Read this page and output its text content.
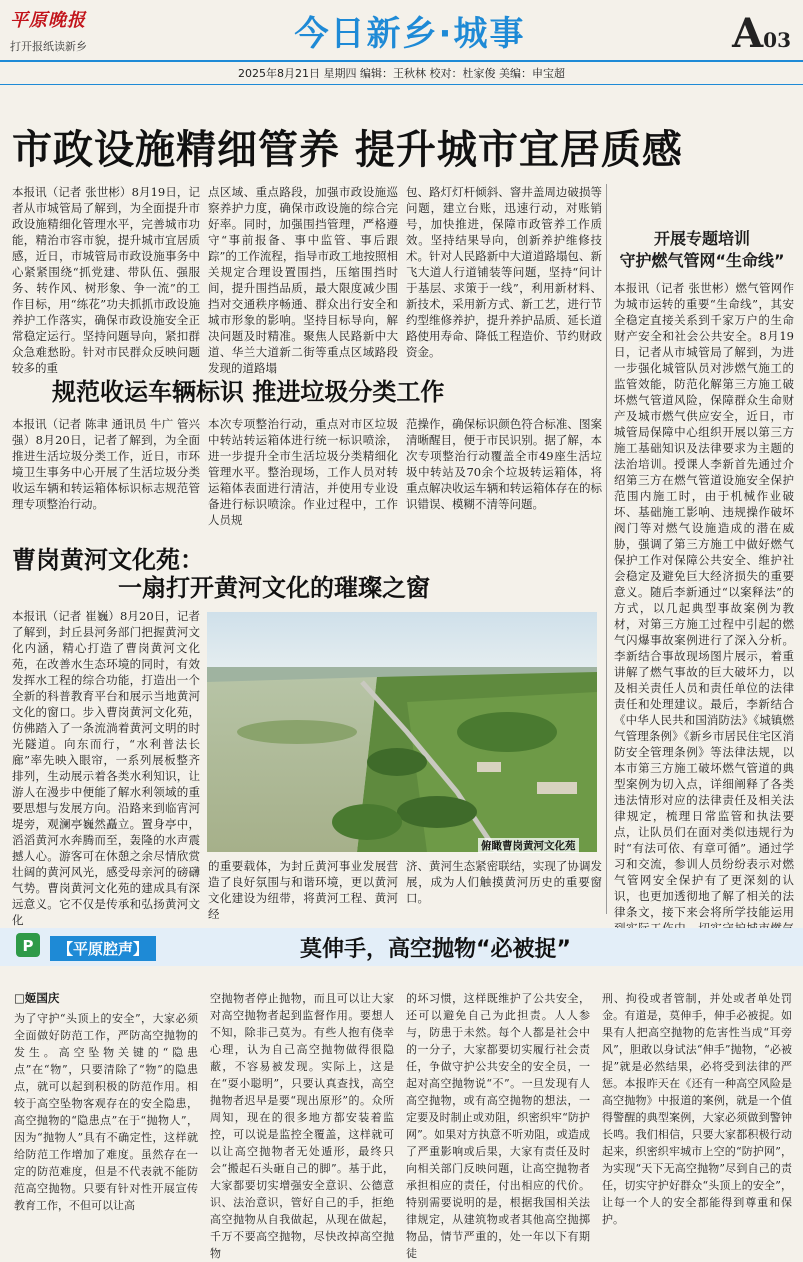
平原晚报
打开报纸读新乡	今日新乡·城事	A03
2025年8月21日 星期四 编辑：王秋林 校对：杜家俊 美编：申宝超
市政设施精细管养 提升城市宜居质感
本报讯（记者 张世彬）8月19日，记者从市城管局了解到，为全面提升市政设施精细化管理水平，完善城市功能，精治市容市貌，提升城市宜居质感，近日，市城管局市政设施事务中心紧紧围绕“抓党建、带队伍、强服务、转作风、树形象、争一流”的工作目标，用“练花”功夫抓抓市政设施养护工作落实，确保市政设施安全正常稳定运行。坚持问题导向，紧扣群众急难愁盼。针对市民群众反映问题较多的重
点区域、重点路段，加强市政设施巡察养护力度，确保市政设施的综合完好率。同时，加强围挡管理，严格遵守“事前报备、事中监管、事后跟踪”的工作流程，指导市政工地按照相关规定合理设置围挡，压缩围挡时间，提升围挡品质，最大限度减少围挡对交通秩序畅通、群众出行安全和城市形象的影响。坚持目标导向，解决问题及时精准。聚焦人民路新中大道、华兰大道新二街等重点区域路段发现的道路塌
包、路灯灯杆倾斜、窨井盖周边破损等问题，建立台账，迅速行动，对账销号，加快推进，保障市政管养工作质效。坚持结果导向，创新养护维修技术。针对人民路新中大道道路塌包、新飞大道人行道铺装等问题，坚持“问计于基层、求策于一线”，利用新材料、新技术，采用新方式、新工艺，进行节约型维修养护，提升养护品质、延长道路使用寿命、降低工程造价、节约财政资金。
开展专题培训
守护燃气管网“生命线”
本报讯（记者 张世彬）燃气管网作为城市运转的重要“生命线”，其安全稳定直接关系到千家万户的生命财产安全和社会公共安全。8月19日，记者从市城管局了解到，为进一步强化城管队员对涉燃气施工的监管效能，防范化解第三方施工破坏燃气管道风险，保障群众生命财产及城市燃气供应安全，近日，市城管局保障中心组织开展以第三方施工基础知识及法律要求为主题的法治培训。授课人李新首先通过介绍第三方在燃气管道设施安全保护范围内施工时，由于机械作业破坏、基础施工影响、违规操作破坏阀门等对燃气设施造成的潜在威胁，强调了第三方施工中做好燃气保护工作对保障公共安全、维护社会稳定及避免巨大经济损失的重要意义。随后李新通过“以案释法”的方式，以几起典型事故案例为教材，对第三方施工过程中引起的燃气闪爆事故案例进行了深入分析。李新结合事故现场图片展示，着重讲解了燃气事故的巨大破坏力，以及相关责任人员和责任单位的法律责任和处理建议。最后，李新结合《中华人民共和国消防法》《城镇燃气管理条例》《新乡市居民住宅区消防安全管理条例》等法律法规，以本市第三方施工破坏燃气管道的典型案例为切入点，详细阐释了各类违法情形对应的法律责任及相关法律规定，梳理日常监管和执法要点，让队员们在面对类似违规行为时“有法可依、有章可循”。通过学习和交流，参训人员纷纷表示对燃气管网安全保护有了更深刻的认识，也更加透彻地了解了相关的法律条文，接下来会将所学技能运用
规范收运车辆标识 推进垃圾分类工作
本报讯（记者 陈聿 通讯员 牛广 管兴强）8月20日，记者了解到，为全面推进生活垃圾分类工作，近日，市环境卫生事务中心开展了生活垃圾分类收运车辆和转运箱体标识标志规范管理专项整治行动。
本次专项整治行动，重点对市区垃圾中转站转运箱体进行统一标识喷涂，进一步提升全市生活垃圾分类精细化管理水平。整治现场，工作人员对转运箱体表面进行清洁，并使用专业设备进行标识喷涂。作业过程中，工作人员规
范操作，确保标识颜色符合标准、图案清晰醒目，便于市民识别。据了解，本次专项整治行动覆盖全市49座生活垃圾中转站及70余个垃圾转运箱体，将重点解决收运车辆和转运箱体存在的标识错误、模糊不清等问题。
曹岗黄河文化苑：
一扇打开黄河文化的璀璨之窗
本报讯（记者 崔巍）8月20日，记者了解到，封丘县河务部门把握黄河文化内涵，精心打造了曹岗黄河文化苑，在改善水生态环境的同时，有效发挥水工程的综合功能，打造出一个全新的科普教育平台和展示当地黄河文化的窗口。步入曹岗黄河文化苑，仿佛踏入了一条流淌着黄河文明的时光隧道。向东而行，“水利普法长廊”率先映入眼帘，一系列展板整齐排列，生动展示着各类水利知识，让游人在漫步中便能了解水利领域的重要思想与发展方向。沿路来到临宵河堤旁，观澜亭巍然矗立。置身亭中，滔滔黄河水奔腾而至，轰隆的水声震撼人心。游客可在休憩之余尽情欣赏壮阔的黄河风光，感受母亲河的磅礴气势。曹岗黄河文化苑的建成具有深远意义。它不仅是传承和弘扬黄河文化
俯瞰曹岗黄河文化苑
的重要载体，为封丘黄河事业发展营造了良好氛围与和谐环境，更以黄河文化建设为纽带，将黄河工程、黄河经
济、黄河生态紧密联结，实现了协调发展，成为人们触摸黄河历史的重要窗口。
P	【平原腔声】	莫伸手，高空抛物“必被捉”
□姬国庆
为了守护“头顶上的安全”，大家必须全面做好防范工作，严防高空抛物的发生。高空坠物关键的“隐患点”在“物”，只要清除了“物”的隐患点，就可以起到积极的防范作用。相较于高空坠物客观存在的安全隐患，高空抛物的“隐患点”在于“抛物人”，因为“抛物人”具有不确定性，这样就给防范工作增加了难度。虽然存在一定的防范难度，但是不代表就不能防范高空抛物。只要有针对性开展宣传教育工作，不但可以让高
空抛物者停止抛物，而且可以让大家对高空抛物者起到监督作用。要想人不知，除非己莫为。有些人抱有侥幸心理，认为自己高空抛物做得很隐蔽，不容易被发现。实际上，这是在“耍小聪明”，只要认真查找，高空抛物者迟早是要“现出原形”的。众所周知，现在的很多地方都安装着监控，可以说是监控全覆盖，这样就可以让高空抛物者无处遁形，最终只会“搬起石头砸自己的脚”。基于此，大家都要切实增强安全意识、公德意识、法治意识，管好自己的手，拒绝高空抛物从自我做起，从现在做起，千万不要高空抛物，尽快改掉高空抛物
的坏习惯，这样既维护了公共安全，还可以避免自己为此担责。人人参与，防患于未然。每个人都是社会中的一分子，大家都要切实履行社会责任，争做守护公共安全的安全员，一起对高空抛物说“不”。一旦发现有人高空抛物，或有高空抛物的想法，一定要及时制止或劝阻，织密织牢“防护网”。如果对方执意不听劝阻，或造成了严重影响或后果，大家有责任及时向相关部门反映问题，让高空抛物者承担相应的责任，付出相应的代价。特别需要说明的是，根据我国相关法律规定，从建筑物或者其他高空抛掷物品，情节严重的，处一年以下有期徒
刑、拘役或者管制，并处或者单处罚金。有道是，莫伸手，伸手必被捉。如果有人把高空抛物的危害性当成“耳旁风”，胆敢以身试法“伸手”抛物，“必被捉”就是必然结果，必将受到法律的严惩。本报昨天在《还有一种高空风险是高空抛物》中报道的案例，就是一个值得警醒的典型案例，大家必须做到警钟长鸣。我们相信，只要大家都积极行动起来，织密织牢城市上空的“防护网”，为实现“天下无高空抛物”尽到自己的责任，切实守护好群众“头顶上的安全”，让每一个人的安全都能得到尊重和保护。
